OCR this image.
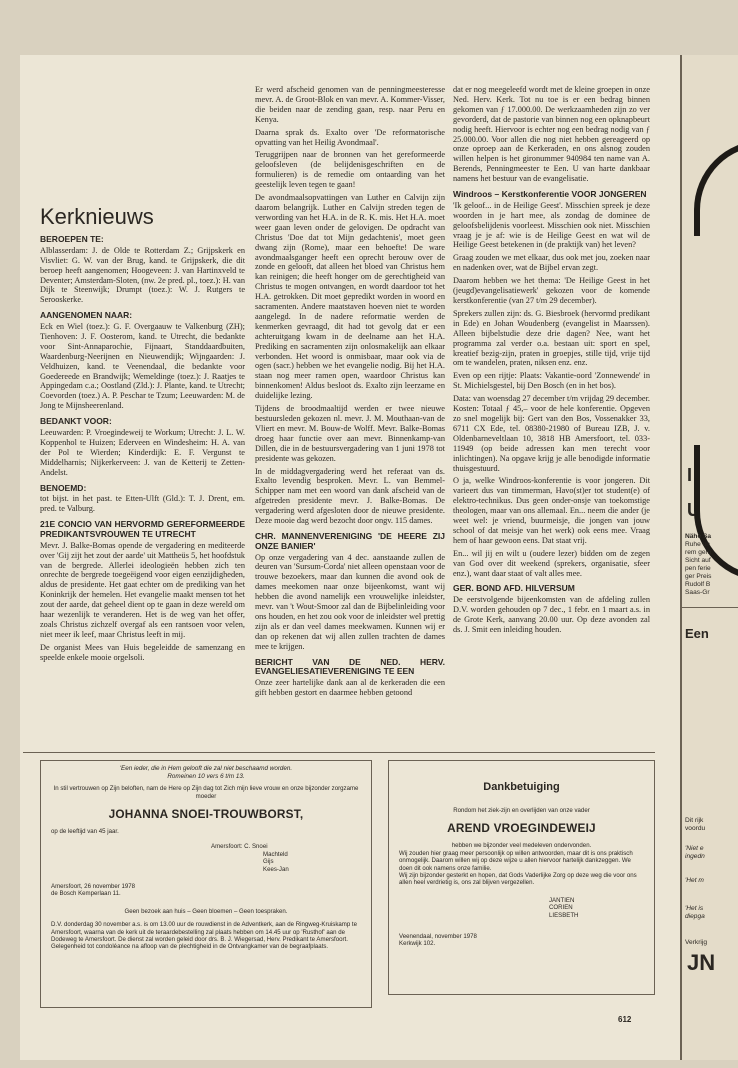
Kerknieuws
BEROEPEN TE:

Alblasserdam: J. de Olde te Rotterdam Z.; Grijpskerk en Visvliet: G. W. van der Brug, kand. te Grijpskerk, die dit beroep heeft aangenomen; Hoogeveen: J. van Hartinxveld te Deventer; Amsterdam-Sloten, (nw. 2e pred. pl., toez.): H. van Dijk te Steenwijk; Drumpt (toez.): W. J. Rutgers te Serooskerke.

AANGENOMEN NAAR:

Eck en Wiel (toez.): G. F. Overgaauw te Valkenburg (ZH); Tienhoven: J. F. Oosterom, kand. te Utrecht, die bedankte voor Sint-Annaparochie, Fijnaart, Standdaardbuiten, Waardenburg-Neerijnen en Nieuwendijk; Wijngaarden: J. Veldhuizen, kand. te Veenendaal, die bedankte voor Goedereede en Brandwijk; Wemeldinge (toez.): J. Raatjes te Appingedam c.a.; Oostland (Zld.): J. Plante, kand. te Utrecht; Coevorden (toez.) A. P. Peschar te Tzum; Leeuwarden: M. de Jong te Mijnsheerenland.

BEDANKT VOOR:

Leeuwarden: P. Vroegindeweij te Workum; Utrecht: J. L. W. Koppenhol te Huizen; Ederveen en Windesheim: H. A. van der Pol te Wierden; Kinderdijk: E. F. Vergunst te Middelharnis; Nijkerkerveen: J. van de Ketterij te Zetten-Andelst.

BENOEMD:

tot bijst. in het past. te Etten-Ulft (Gld.): T. J. Drent, em. pred. te Valburg.

21E CONCIO VAN HERVORMD GEREFORMEERDE PREDIKANTSVROUWEN TE UTRECHT

Mevr. J. Balke-Bomas opende de vergadering en mediteerde over 'Gij zijt het zout der aarde' uit Mattheüs 5, het hoofdstuk van de bergrede. Allerlei ideologieën hebben zich ten onrechte de bergrede toegeëigend voor eigen eenzijdigheden, aldus de presidente. Het gaat echter om de prediking van het Koninkrijk der hemelen. Het evangelie maakt mensen tot het zout der aarde, dat geheel dient op te gaan in deze wereld om haar wezenlijk te veranderen. Het is de weg van het offer, zoals Christus zichzelf overgaf als een rantsoen voor velen, niet meer ik leef, maar Christus leeft in mij.

De organist Mees van Huis begeleidde de samenzang en speelde enkele mooie orgelsoli.

Er werd afscheid genomen van de penningmeesteresse mevr. A. de Groot-Blok en van mevr. A. Kommer-Visser, die beiden naar de zending gaan, resp. naar Peru en Kenya.

Daarna sprak ds. Exalto over 'De reformatorische opvatting van het Heilig Avondmaal'.

Teruggrijpen naar de bronnen van het gereformeerde geloofsleven (de belijdenisgeschriften en de formulieren) is de remedie om ontaarding van het geestelijk leven tegen te gaan!

De avondmaalsopvattingen van Luther en Calvijn zijn daarom belangrijk. Luther en Calvijn streden tegen de verwording van het H.A. in de R. K. mis. Het H.A. moet weer gaan leven onder de gelovigen. De opdracht van Christus 'Doe dat tot Mijn gedachtenis', moet geen dwang zijn (Rome), maar een behoefte! De ware avondmaalsganger heeft een oprecht berouw over de zonde en gelooft, dat alleen het bloed van Christus hem kan reinigen; die heeft honger om de gerechtigheid van Christus te mogen ontvangen, en wordt daardoor tot het H.A. getrokken. Dit moet gepredikt worden in woord en sacramenten. Andere maatstaven hoeven niet te worden aangelegd. In de nadere reformatie werden de kenmerken gevraagd, dit had tot gevolg dat er een achteruitgang kwam in de deelname aan het H.A. Prediking en sacramenten zijn onlosmakelijk aan elkaar verbonden. Het woord is onmisbaar, maar ook via de ogen (sacr.) hebben we het evangelie nodig. Bij het H.A. staan nog meer ramen open, waardoor Christus kan binnenkomen! Aldus besloot ds. Exalto zijn leerzame en duidelijke lezing.

Tijdens de broodmaaltijd werden er twee nieuwe bestuursleden gekozen nl. mevr. J. M. Mouthaan-van de Vliert en mevr. M. Bouw-de Wolff. Mevr. Balke-Bomas droeg haar functie over aan mevr. Binnenkamp-van Dillen, die in de bestuursvergadering van 1 juni 1978 tot presidente was gekozen.

In de middagvergadering werd het referaat van ds. Exalto levendig besproken. Mevr. L. van Bemmel-Schipper nam met een woord van dank afscheid van de afgetreden presidente mevr. J. Balke-Bomas. De vergadering werd afgesloten door de nieuwe presidente. Deze mooie dag werd bezocht door ongv. 115 dames.

CHR. MANNENVERENIGING 'DE HEERE ZIJ ONZE BANIER'

Op onze vergadering van 4 dec. aanstaande zullen de deuren van 'Sursum-Corda' niet alleen openstaan voor de trouwe bezoekers, maar dan kunnen die avond ook de dames meekomen naar onze bijeenkomst, want wij hebben die avond namelijk een vrouwelijke inleidster, mevr. van 't Wout-Smoor zal dan de Bijbelinleiding voor ons houden, en het zou ook voor de inleidster wel prettig zijn als er dan veel dames meekwamen. Kunnen wij er dan op rekenen dat wij allen zullen trachten de dames mee te krijgen.

BERICHT VAN DE NED. HERV. EVANGELIESATIEVERENIGING TE EEN

Onze zeer hartelijke dank aan al de kerkeraden die een gift hebben gestort en daarmee hebben getoond

dat er nog meegeleefd wordt met de kleine groepen in onze Ned. Herv. Kerk. Tot nu toe is er een bedrag binnen gekomen van ƒ 17.000.00. De werkzaamheden zijn zo ver gevorderd, dat de pastorie van binnen nog een opknapbeurt nodig heeft. Hiervoor is echter nog een bedrag nodig van ƒ 25.000.00. Voor allen die nog niet hebben gereageerd op onze oproep aan de Kerkeraden, en ons alsnog zouden willen helpen is het gironummer 940984 ten name van A. Berends, Penningmeester te Een. U van harte dankbaar namens het bestuur van de evangelisatie.

Windroos – Kerstkonferentie VOOR JONGEREN

'Ik geloof... in de Heilige Geest'. Misschien spreek je deze woorden in je hart mee, als zondag de dominee de geloofsbelijdenis voorleest. Misschien ook niet. Misschien vraag je je af: wie is de Heilige Geest en wat wil de Heilige Geest betekenen in (de praktijk van) het leven?

Graag zouden we met elkaar, dus ook met jou, zoeken naar en nadenken over, wat de Bijbel ervan zegt.

Daarom hebben we het thema: 'De Heilige Geest in het (jeugd)evangelisatiewerk' gekozen voor de komende kerstkonferentie (van 27 t/m 29 december).

Sprekers zullen zijn: ds. G. Biesbroek (hervormd predikant in Ede) en Johan Woudenberg (evangelist in Maarssen). Alleen bijbelstudie deze drie dagen? Nee, want het programma zal verder o.a. bestaan uit: sport en spel, kreatief bezig-zijn, praten in groepjes, stille tijd, vrije tijd om te wandelen, praten, niksen enz. enz.

Even op een rijtje: Plaats: Vakantie-oord 'Zonnewende' in St. Michielsgestel, bij Den Bosch (en in het bos).

Data: van woensdag 27 december t/m vrijdag 29 december. Kosten: Totaal ƒ 45,– voor de hele konferentie. Opgeven zo snel mogelijk bij: Gert van den Bos, Vossenakker 33, 6711 CX Ede, tel. 08380-21980 of Bureau IZB, J. v. Oldenbarneveltlaan 10, 3818 HB Amersfoort, tel. 033-11949 (op beide adressen kan men terecht voor inlichtingen). Na opgave krijg je alle benodigde informatie thuisgestuurd.

O ja, welke Windroos-konferentie is voor jongeren. Dit varieert dus van timmerman, Havo(st)er tot student(e) of elektro-technikus. Dus geen onder-onsje van toekomstige theologen, maar van ons allemaal. En... neem die ander (je weet wel: je vriend, buurmeisje, die jongen van jouw school of dat meisje van het werk) ook eens mee. Vraag hem of haar gewoon eens. Dat staat vrij.

En... wil jij en wilt u (oudere lezer) bidden om de zegen van God over dit weekend (sprekers, organisatie, sfeer enz.), want daar staat of valt alles mee.

GER. BOND AFD. HILVERSUM

De eerstvolgende bijeenkomsten van de afdeling zullen D.V. worden gehouden op 7 dec., 1 febr. en 1 maart a.s. in de Grote Kerk, aanvang 20.00 uur. Op deze avonden zal ds. J. Smit een inleiding houden.

'Een ieder, die in Hem gelooft die zal niet beschaamd worden.
Romeinen 10 vers 6 t/m 13.
In stil vertrouwen op Zijn beloften, nam de Here op Zijn dag tot Zich mijn lieve vrouw en onze bijzonder zorgzame moeder
JOHANNA SNOEI-TROUWBORST,
op de leeftijd van 45 jaar.
Amersfoort: C. Snoei
Machteld
Gijs
Kees-Jan
Amersfoort, 26 november 1978
de Bosch Kemperlaan 11.
Geen bezoek aan huis – Geen bloemen – Geen toespraken.
D.V. donderdag 30 november a.s. is om 13.00 uur de rouwdienst in de Adventkerk, aan de Ringweg-Kruiskamp te Amersfoort, waarna van de kerk uit de teraardebestelling zal plaats hebben om 14.45 uur op 'Rusthof' aan de Dodeweg te Amersfoort. De dienst zal worden geleid door drs. B. J. Wiegersad, Herv. Predikant te Amersfoort. Gelegenheid tot condoléance na afloop van de plechtigheid in de Ontvangkamer van de begraafplaats.
Dankbetuiging
Rondom het ziek-zijn en overlijden van onze vader
AREND VROEGINDEWEIJ
hebben we bijzonder veel medeleven ondervonden.
Wij zouden hier graag meer persoonlijk op willen antwoorden, maar dit is ons praktisch onmogelijk. Daarom willen wij op deze wijze u allen hiervoor hartelijk dankzeggen. We doen dit ook namens onze familie.
Wij zijn bijzonder gesterkt en hopen, dat Gods Vaderlijke Zorg op deze weg die voor ons allen heel verdrietig is, ons zal blijven vergezellen.
JANTIEN
CORIEN
LIESBETH
Veenendaal, november 1978
Kerkwijk 102.
612
I
U
Nähe Sa
Ruhe un
rem gern
Sicht auf
pen ferie
ger Preis
Rudolf B
Saas-Gr
Een
Dit rijk
voordu
'Niet e
ingedn
'Het m
'Het is
diepga
Verkrijg
JN
